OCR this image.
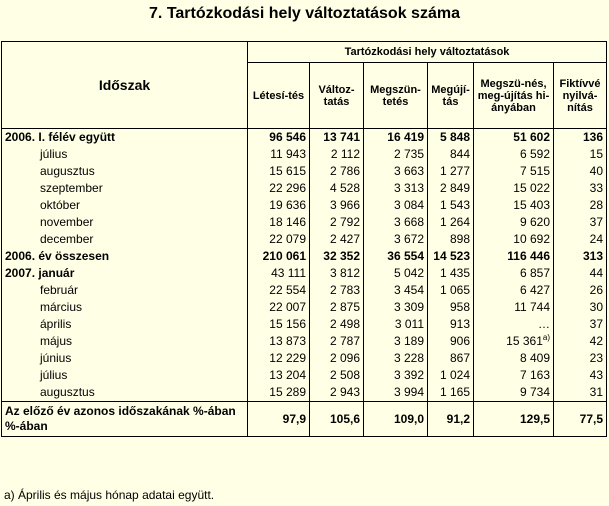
7. Tartózkodási hely változtatások száma
Időszak	Tartózkodási hely változtatások					
	Létesí-tés	Változ-tatás	Megszün-tetés	Megújí-tás	Megszü-nés, meg-újítás hi-ányában	Fiktívvé nyilvá-nítás
2006. I. félév együtt	96 546	13 741	16 419	5 848	51 602	136
július	11 943	2 112	2 735	844	6 592	15
augusztus	15 615	2 786	3 663	1 277	7 515	40
szeptember	22 296	4 528	3 313	2 849	15 022	33
október	19 636	3 966	3 084	1 543	15 403	28
november	18 146	2 792	3 668	1 264	9 620	37
december	22 079	2 427	3 672	898	10 692	24
2006. év összesen	210 061	32 352	36 554	14 523	116 446	313
2007. január	43 111	3 812	5 042	1 435	6 857	44
február	22 554	2 783	3 454	1 065	6 427	26
március	22 007	2 875	3 309	958	11 744	30
április	15 156	2 498	3 011	913	…	37
május	13 873	2 787	3 189	906	15 361$^{a)}$	42
június	12 229	2 096	3 228	867	8 409	23
július	13 204	2 508	3 392	1 024	7 163	43
augusztus	15 289	2 943	3 994	1 165	9 734	31
Az előző év azonos időszakának %-ában %-ában	97,9	105,6	109,0	91,2	129,5	77,5
a) Április és május hónap adatai együtt.
